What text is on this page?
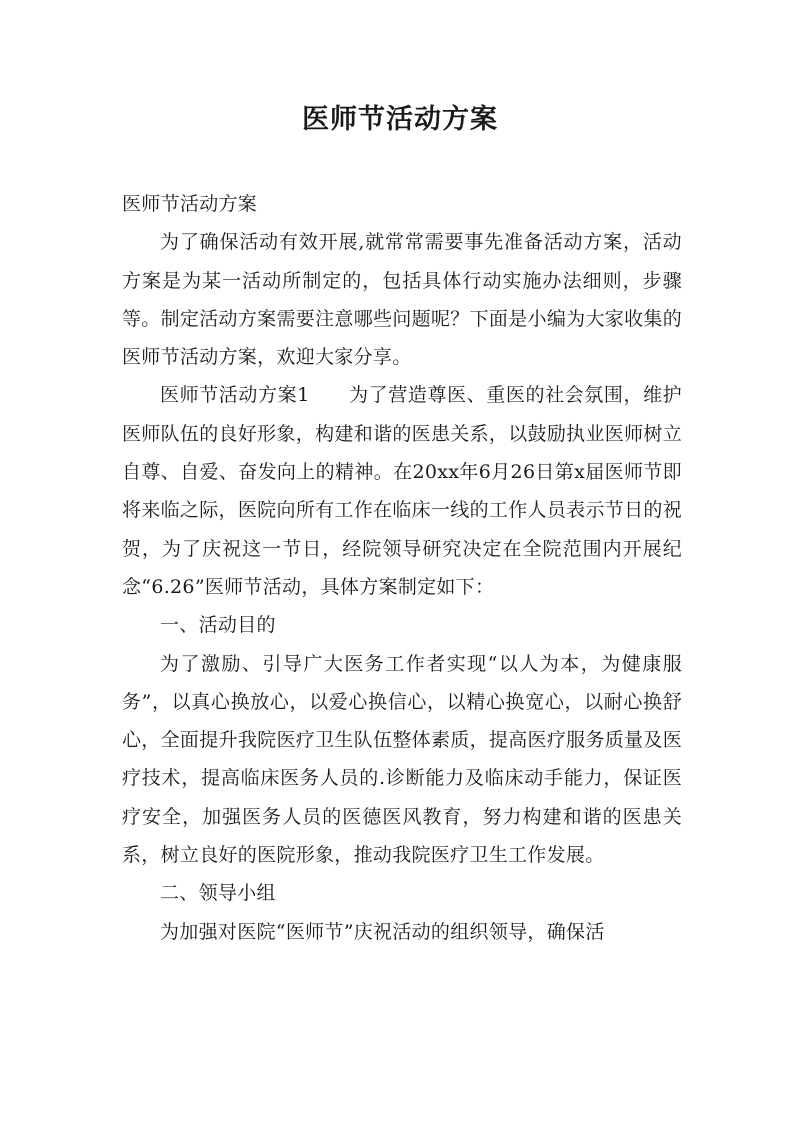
医师节活动方案

医师节活动方案

为了确保活动有效开展,就常常需要事先准备活动方案，活动方案是为某一活动所制定的，包括具体行动实施办法细则，步骤等。制定活动方案需要注意哪些问题呢？下面是小编为大家收集的医师节活动方案，欢迎大家分享。

医师节活动方案1　　为了营造尊医、重医的社会氛围，维护医师队伍的良好形象，构建和谐的医患关系，以鼓励执业医师树立自尊、自爱、奋发向上的精神。在20xx年6月26日第x届医师节即将来临之际，医院向所有工作在临床一线的工作人员表示节日的祝贺，为了庆祝这一节日，经院领导研究决定在全院范围内开展纪念“6.26”医师节活动，具体方案制定如下：

一、活动目的

为了激励、引导广大医务工作者实现“以人为本，为健康服务”，以真心换放心，以爱心换信心，以精心换宽心，以耐心换舒心，全面提升我院医疗卫生队伍整体素质，提高医疗服务质量及医疗技术，提高临床医务人员的.诊断能力及临床动手能力，保证医疗安全，加强医务人员的医德医风教育，努力构建和谐的医患关系，树立良好的医院形象，推动我院医疗卫生工作发展。

二、领导小组

为加强对医院“医师节”庆祝活动的组织领导，确保活
